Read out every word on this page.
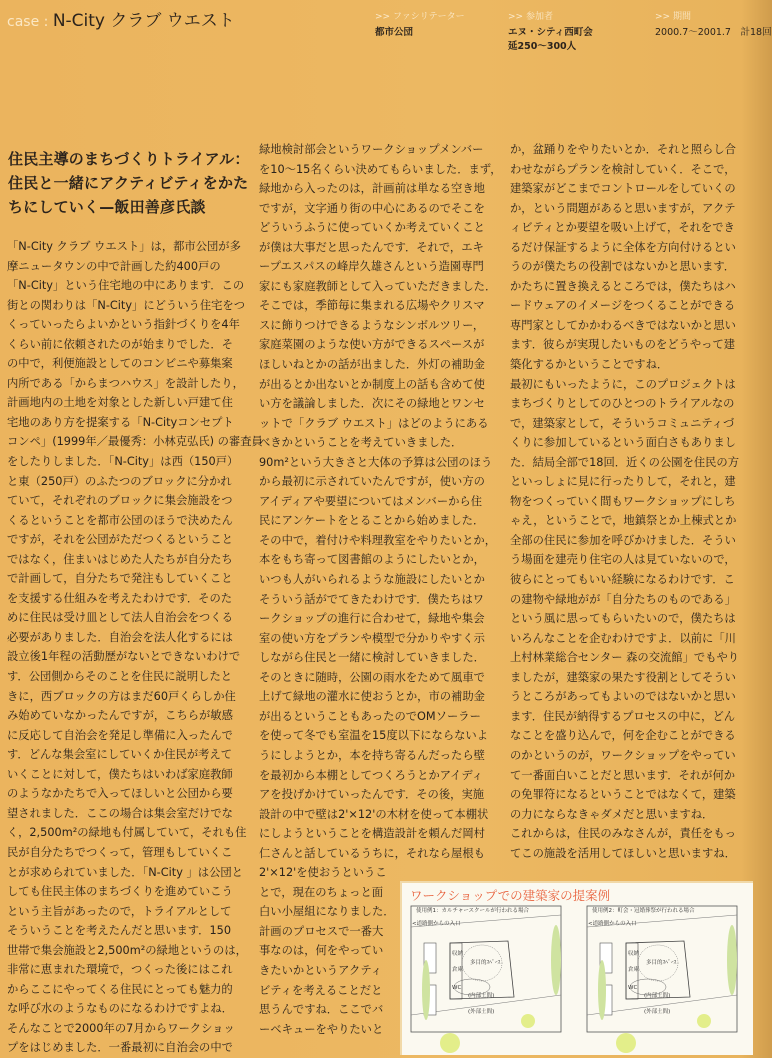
case : N-City クラブ ウエスト	>> ファシリテーター
都市公団
>> 参加者
エヌ・シティ西町会
延250～300人
>> 期間
2000.7～2001.7　計18回
住民主導のまちづくりトライアル：
住民と一緒にアクティビティをかた
ちにしていく—飯田善彦氏談
「N-City クラブ ウエスト」は，都市公団が多
摩ニュータウンの中で計画した約400戸の
「N-City」という住宅地の中にあります．この
街との関わりは「N-City」にどういう住宅をつ
くっていったらよいかという指針づくりを4年
くらい前に依頼されたのが始まりでした．そ
の中で，利便施設としてのコンビニや募集案
内所である「からまつハウス」を設計したり，
計画地内の土地を対象とした新しい戸建て住
宅地のあり方を提案する「N-Cityコンセプト
コンペ」(1999年／最優秀：小林克弘氏) の審査員
をしたりしました．「N-City」は西（150戸）
と東（250戸）のふたつのブロックに分かれ
ていて，それぞれのブロックに集会施設をつ
くるということを都市公団のほうで決めたん
ですが，それを公団がただつくるということ
ではなく，住まいはじめた人たちが自分たち
で計画して，自分たちで発注もしていくこと
を支援する仕組みを考えたわけです．そのた
めに住民は受け皿として法人自治会をつくる
必要がありました．自治会を法人化するには
設立後1年程の活動歴がないとできないわけで
す．公団側からそのことを住民に説明したと
きに，西ブロックの方はまだ60戸くらしか住
み始めていなかったんですが，こちらが敏感
に反応して自治会を発足し準備に入ったんで
す．どんな集会室にしていくか住民が考えて
いくことに対して，僕たちはいわば家庭教師
のようなかたちで入ってほしいと公団から要
望されました．ここの場合は集会室だけでな
く，2,500m²の緑地も付属していて，それも住
民が自分たちでつくって，管理もしていくこ
とが求められていました．「N-City 」は公団と
しても住民主体のまちづくりを進めていこう
という主旨があったので，トライアルとして
そういうことを考えたんだと思います．150
世帯で集会施設と2,500m²の緑地というのは，
非常に恵まれた環境で，つくった後にはこれ
からここにやってくる住民にとっても魅力的
な呼び水のようなものになるわけですよね．
そんなことで2000年の7月からワークショッ
プをはじめました．一番最初に自治会の中で
緑地検討部会というワークショップメンバー
を10～15名くらい決めてもらいました．まず，
緑地から入ったのは，計画前は単なる空き地
ですが，文字通り街の中心にあるのでそこを
どういうふうに使っていくか考えていくこと
が僕は大事だと思ったんです．それで，エキ
ープエスパスの峰岸久雄さんという造園専門
家にも家庭教師として入っていただきました．
そこでは，季節毎に集まれる広場やクリスマ
スに飾りつけできるようなシンボルツリー，
家庭菜園のような使い方ができるスペースが
ほしいねとかの話が出ました．外灯の補助金
が出るとか出ないとか制度上の話も含めて使
い方を議論しました．次にその緑地とワンセ
ットで「クラブ ウエスト」はどのようにある
べきかということを考えていきました．
90m²という大きさと大体の予算は公団のほう
から最初に示されていたんですが，使い方の
アイディアや要望についてはメンバーから住
民にアンケートをとることから始めました．
その中で，着付けや料理教室をやりたいとか，
本をもち寄って図書館のようにしたいとか，
いつも人がいられるような施設にしたいとか
そういう話がでてきたわけです．僕たちはワ
ークショップの進行に合わせて，緑地や集会
室の使い方をプランや模型で分かりやすく示
しながら住民と一緒に検討していきました．
そのときに随時，公園の雨水をためて風車で
上げて緑地の灌水に使おうとか，市の補助金
が出るということもあったのでOMソーラー
を使って冬でも室温を15度以下にならないよ
うにしようとか，本を持ち寄るんだったら壁
を最初から本棚としてつくろうとかアイディ
アを投げかけていったんです．その後，実施
設計の中で壁は2'×12'の木材を使って本棚状
にしようということを構造設計を頼んだ岡村
仁さんと話しているうちに，それなら屋根も
2'×12'を使おうというこ
とで，現在のちょっと面
白い小屋組になりました．
計画のプロセスで一番大
事なのは，何をやってい
きたいかというアクティ
ビティを考えることだと
思うんですね．ここでバ
ーベキューをやりたいと
か，盆踊りをやりたいとか．それと照らし合
わせながらプランを検討していく．そこで，
建築家がどこまでコントロールをしていくの
か，という問題があると思いますが，アクテ
ィビティとか要望を吸い上げて，それをでき
るだけ保証するように全体を方向付けるとい
うのが僕たちの役割ではないかと思います．
かたちに置き換えるところでは，僕たちはハ
ードウェアのイメージをつくることができる
専門家としてかかわるべきではないかと思い
ます．彼らが実現したいものをどうやって建
築化するかということですね．
最初にもいったように，このプロジェクトは
まちづくりとしてのひとつのトライアルなの
で，建築家として，そういうコミュニティづ
くりに参加しているという面白さもありまし
た．結局全部で18回．近くの公園を住民の方
といっしょに見に行ったりして，それと，建
物をつくっていく間もワークショップにしち
ゃえ，ということで，地鎮祭とか上棟式とか
全部の住民に参加を呼びかけました．そうい
う場面を建売り住宅の人は見ていないので，
彼らにとってもいい経験になるわけです．こ
の建物や緑地がが「自分たちのものである」
という風に思ってもらいたいので，僕たちは
いろんなことを企むわけですよ．以前に「川
上村林業総合センター 森の交流館」でもやり
ましたが，建築家の果たす役割としてそうい
うところがあってもよいのではないかと思い
ます．住民が納得するプロセスの中に，どん
なことを盛り込んで，何を企むことができる
のかというのが，ワークショップをやってい
て一番面白いことだと思います．それが何か
の免罪符になるということではなくて，建築
の力にならなきゃダメだと思いますね．
これからは，住民のみなさんが，責任をもっ
てこの施設を活用してほしいと思いますね．
ワークショップでの建築家の提案例
使用例1：カルチャースクールが行われる場合
<道路側からの入口
収納
倉庫
WC
(内部土間)
(外部土間)
多目的ｽﾍﾟｰｽ
使用例2：町会・冠婚葬祭が行われる場合
<道路側からの入口
収納
倉庫
WC
(内部土間)
(外部土間)
多目的ｽﾍﾟｰｽ
